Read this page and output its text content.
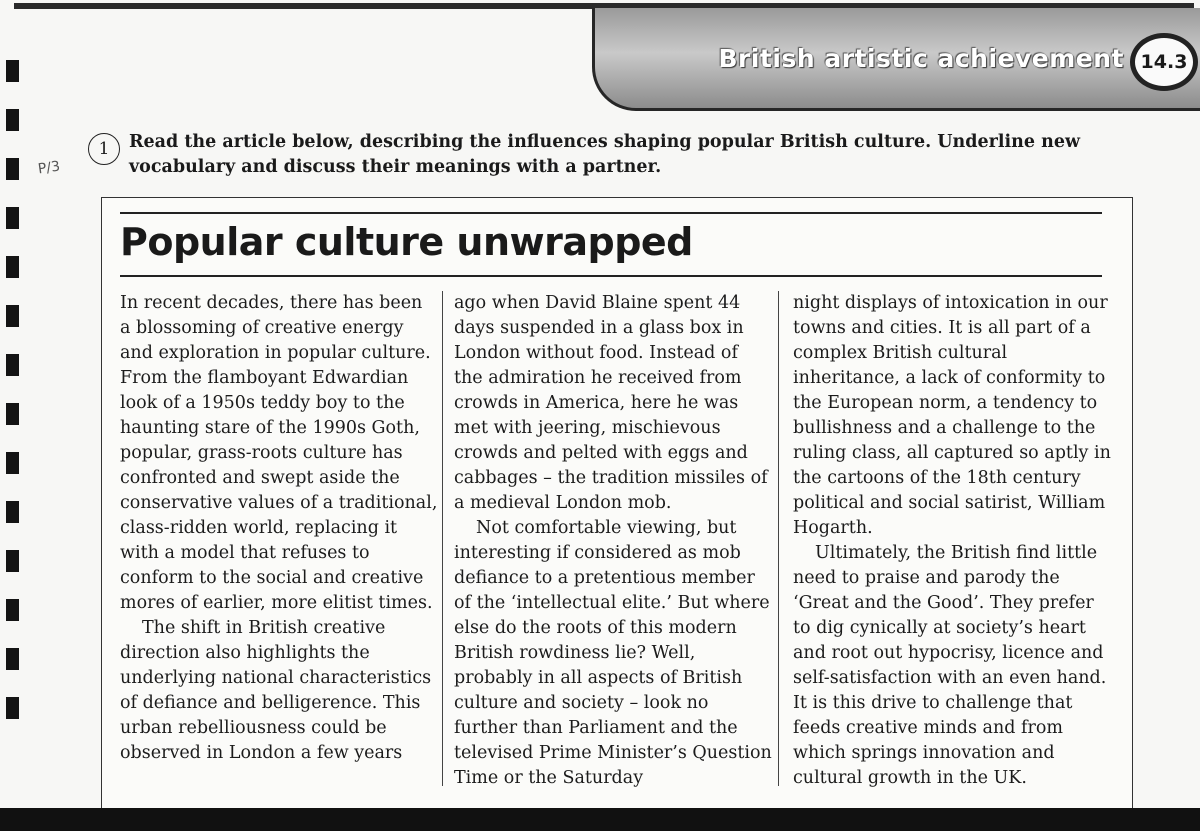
British artistic achievement 14.3
P/3
1	Read the article below, describing the influences shaping popular British culture. Underline new vocabulary and discuss their meanings with a partner.
Popular culture unwrapped

In recent decades, there has been a blossoming of creative energy and exploration in popular culture. From the flamboyant Edwardian look of a 1950s teddy boy to the haunting stare of the 1990s Goth, popular, grass-roots culture has confronted and swept aside the conservative values of a traditional, class-ridden world, replacing it with a model that refuses to conform to the social and creative mores of earlier, more elitist times.

The shift in British creative direction also highlights the underlying national characteristics of defiance and belligerence. This urban rebelliousness could be observed in London a few years

ago when David Blaine spent 44 days suspended in a glass box in London without food. Instead of the admiration he received from crowds in America, here he was met with jeering, mischievous crowds and pelted with eggs and cabbages – the tradition missiles of a medieval London mob.

Not comfortable viewing, but interesting if considered as mob defiance to a pretentious member of the ‘intellectual elite.’ But where else do the roots of this modern British rowdiness lie? Well, probably in all aspects of British culture and society – look no further than Parliament and the televised Prime Minister’s Question Time or the Saturday

night displays of intoxication in our towns and cities. It is all part of a complex British cultural inheritance, a lack of conformity to the European norm, a tendency to bullishness and a challenge to the ruling class, all captured so aptly in the cartoons of the 18th century political and social satirist, William Hogarth.

Ultimately, the British find little need to praise and parody the ‘Great and the Good’. They prefer to dig cynically at society’s heart and root out hypocrisy, licence and self-satisfaction with an even hand. It is this drive to challenge that feeds creative minds and from which springs innovation and cultural growth in the UK.
